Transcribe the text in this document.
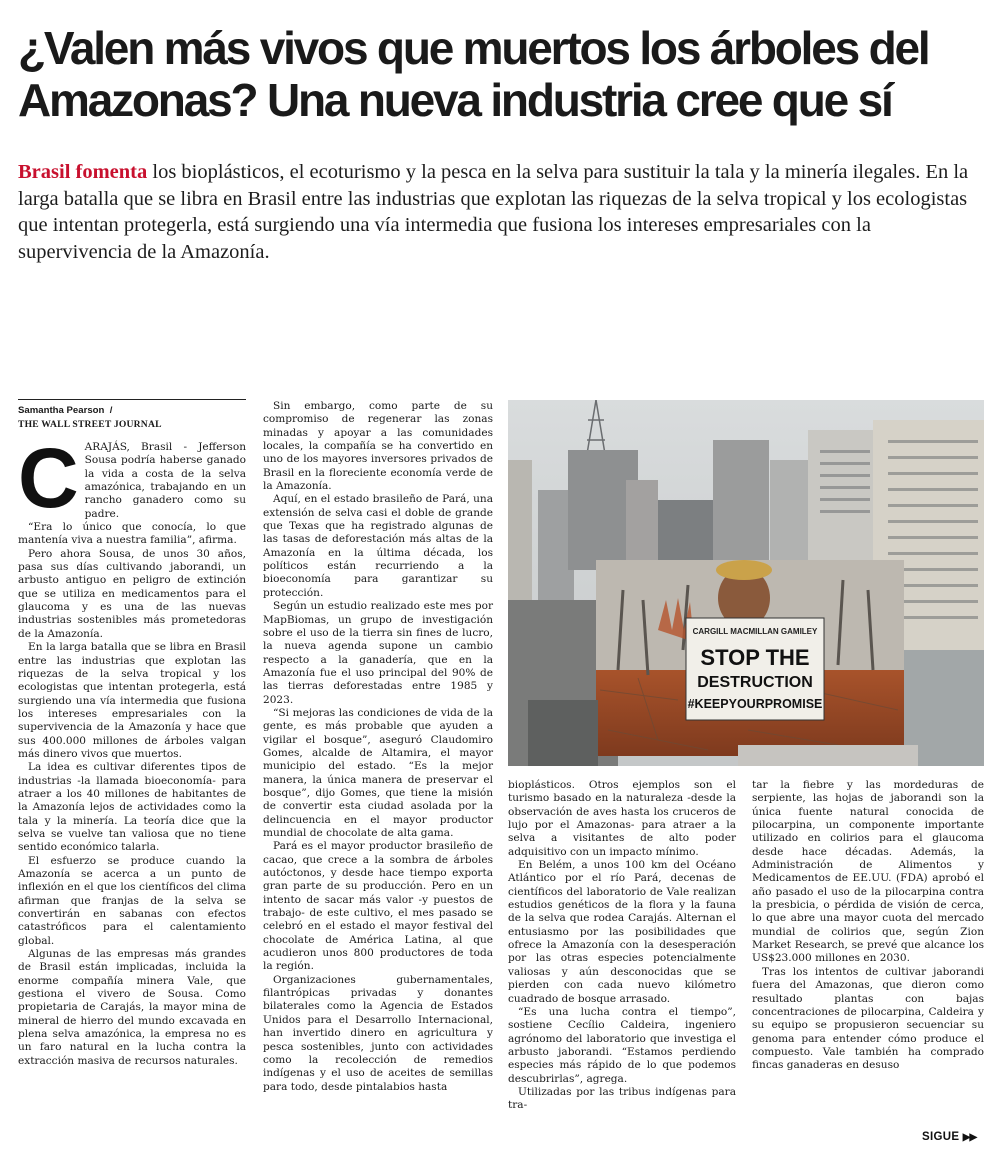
¿Valen más vivos que muertos los árboles del Amazonas? Una nueva industria cree que sí

Brasil fomenta los bioplásticos, el ecoturismo y la pesca en la selva para sustituir la tala y la minería ilegales. En la larga batalla que se libra en Brasil entre las industrias que explotan las riquezas de la selva tropical y los ecologistas que intentan protegerla, está surgiendo una vía intermedia que fusiona los intereses empresariales con la supervivencia de la Amazonía.

Samantha Pearson /
THE WALL STREET JOURNAL

CARAJÁS, Brasil - Jefferson Sousa podría haberse ganado la vida a costa de la selva amazónica, trabajando en un rancho ganadero como su padre.

“Era lo único que conocía, lo que mantenía viva a nuestra familia”, afirma.

Pero ahora Sousa, de unos 30 años, pasa sus días cultivando jaborandi, un arbusto antiguo en peligro de extinción que se utiliza en medicamentos para el glaucoma y es una de las nuevas industrias sostenibles más prometedoras de la Amazonía.

En la larga batalla que se libra en Brasil entre las industrias que explotan las riquezas de la selva tropical y los ecologistas que intentan protegerla, está surgiendo una vía intermedia que fusiona los intereses empresariales con la supervivencia de la Amazonía y hace que sus 400.000 millones de árboles valgan más dinero vivos que muertos.

La idea es cultivar diferentes tipos de industrias -la llamada bioeconomía- para atraer a los 40 millones de habitantes de la Amazonía lejos de actividades como la tala y la minería. La teoría dice que la selva se vuelve tan valiosa que no tiene sentido económico talarla.

El esfuerzo se produce cuando la Amazonía se acerca a un punto de inflexión en el que los científicos del clima afirman que franjas de la selva se convertirán en sabanas con efectos catastróficos para el calentamiento global.

Algunas de las empresas más grandes de Brasil están implicadas, incluida la enorme compañía minera Vale, que gestiona el vivero de Sousa. Como propietaria de Carajás, la mayor mina de mineral de hierro del mundo excavada en plena selva amazónica, la empresa no es un faro natural en la lucha contra la extracción masiva de recursos naturales.

Sin embargo, como parte de su compromiso de regenerar las zonas minadas y apoyar a las comunidades locales, la compañía se ha convertido en uno de los mayores inversores privados de Brasil en la floreciente economía verde de la Amazonía.

Aquí, en el estado brasileño de Pará, una extensión de selva casi el doble de grande que Texas que ha registrado algunas de las tasas de deforestación más altas de la Amazonía en la última década, los políticos están recurriendo a la bioeconomía para garantizar su protección.

Según un estudio realizado este mes por MapBiomas, un grupo de investigación sobre el uso de la tierra sin fines de lucro, la nueva agenda supone un cambio respecto a la ganadería, que en la Amazonía fue el uso principal del 90% de las tierras deforestadas entre 1985 y 2023.

“Si mejoras las condiciones de vida de la gente, es más probable que ayuden a vigilar el bosque”, aseguró Claudomiro Gomes, alcalde de Altamira, el mayor municipio del estado. “Es la mejor manera, la única manera de preservar el bosque”, dijo Gomes, que tiene la misión de convertir esta ciudad asolada por la delincuencia en el mayor productor mundial de chocolate de alta gama.

Pará es el mayor productor brasileño de cacao, que crece a la sombra de árboles autóctonos, y desde hace tiempo exporta gran parte de su producción. Pero en un intento de sacar más valor -y puestos de trabajo- de este cultivo, el mes pasado se celebró en el estado el mayor festival del chocolate de América Latina, al que acudieron unos 800 productores de toda la región.

Organizaciones gubernamentales, filantrópicas privadas y donantes bilaterales como la Agencia de Estados Unidos para el Desarrollo Internacional, han invertido dinero en agricultura y pesca sostenibles, junto con actividades como la recolección de remedios indígenas y el uso de aceites de semillas para todo, desde pintalabios hasta

CARGILL MACMILLAN GAMILEY
STOP THE
DESTRUCTION
#KEEPYOURPROMISE

bioplásticos. Otros ejemplos son el turismo basado en la naturaleza -desde la observación de aves hasta los cruceros de lujo por el Amazonas- para atraer a la selva a visitantes de alto poder adquisitivo con un impacto mínimo.

En Belém, a unos 100 km del Océano Atlántico por el río Pará, decenas de científicos del laboratorio de Vale realizan estudios genéticos de la flora y la fauna de la selva que rodea Carajás. Alternan el entusiasmo por las posibilidades que ofrece la Amazonía con la desesperación por las otras especies potencialmente valiosas y aún desconocidas que se pierden con cada nuevo kilómetro cuadrado de bosque arrasado.

“Es una lucha contra el tiempo”, sostiene Cecílio Caldeira, ingeniero agrónomo del laboratorio que investiga el arbusto jaborandi. “Estamos perdiendo especies más rápido de lo que podemos descubrirlas”, agrega.

Utilizadas por las tribus indígenas para tra-

tar la fiebre y las mordeduras de serpiente, las hojas de jaborandi son la única fuente natural conocida de pilocarpina, un componente importante utilizado en colirios para el glaucoma desde hace décadas. Además, la Administración de Alimentos y Medicamentos de EE.UU. (FDA) aprobó el año pasado el uso de la pilocarpina contra la presbicia, o pérdida de visión de cerca, lo que abre una mayor cuota del mercado mundial de colirios que, según Zion Market Research, se prevé que alcance los US$23.000 millones en 2030.

Tras los intentos de cultivar jaborandi fuera del Amazonas, que dieron como resultado plantas con bajas concentraciones de pilocarpina, Caldeira y su equipo se propusieron secuenciar su genoma para entender cómo produce el compuesto. Vale también ha comprado fincas ganaderas en desuso

SIGUE ▶▶
